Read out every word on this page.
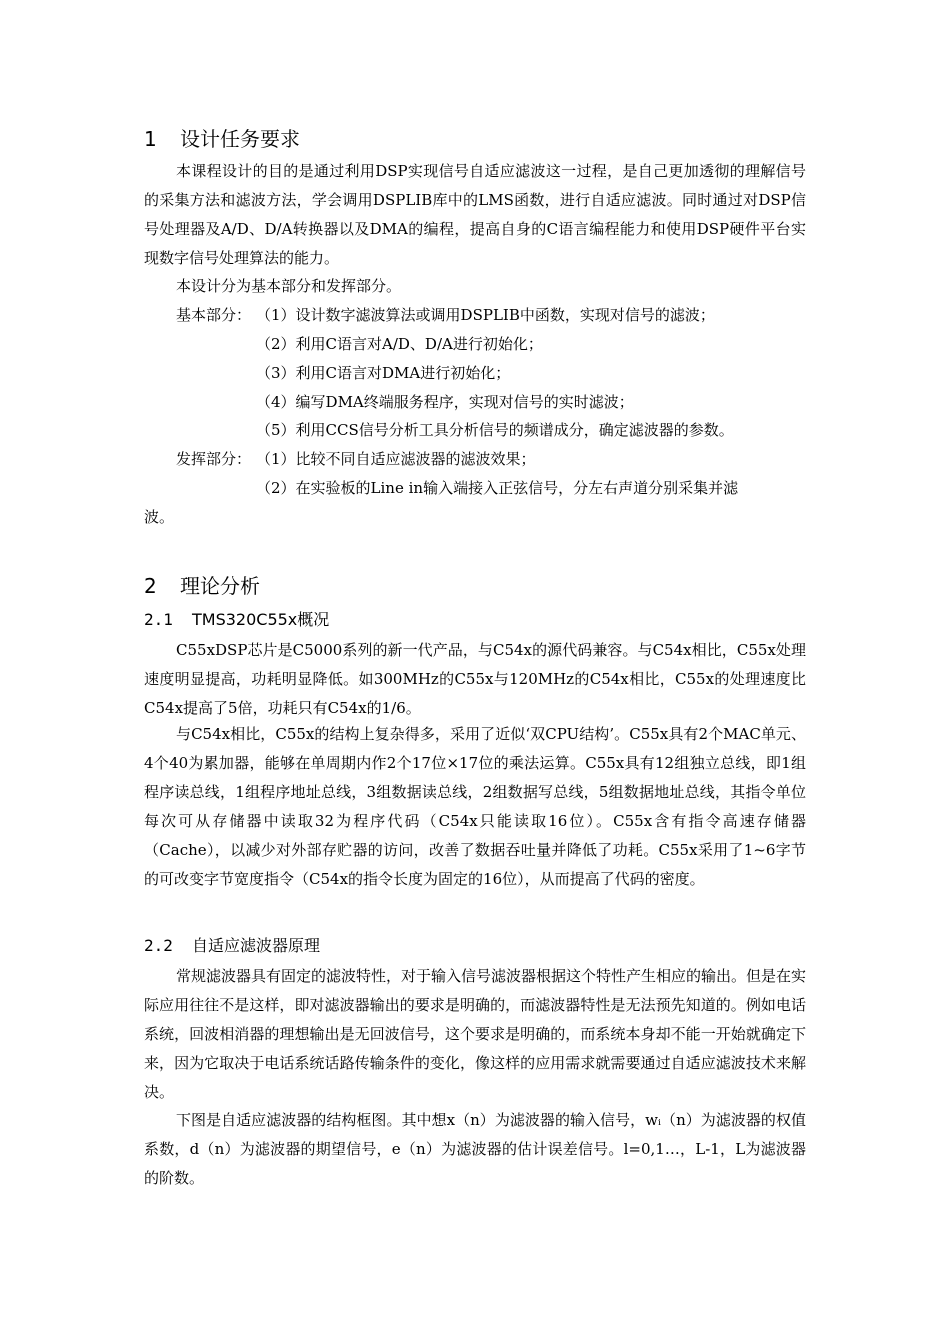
1 设计任务要求

本课程设计的目的是通过利用DSP实现信号自适应滤波这一过程，是自己更加透彻的理解信号的采集方法和滤波方法，学会调用DSPLIB库中的LMS函数，进行自适应滤波。同时通过对DSP信号处理器及A/D、D/A转换器以及DMA的编程，提高自身的C语言编程能力和使用DSP硬件平台实现数字信号处理算法的能力。

本设计分为基本部分和发挥部分。

基本部分： （1）设计数字滤波算法或调用DSPLIB中函数，实现对信号的滤波；

（2）利用C语言对A/D、D/A进行初始化；

（3）利用C语言对DMA进行初始化；

（4）编写DMA终端服务程序，实现对信号的实时滤波；

（5）利用CCS信号分析工具分析信号的频谱成分，确定滤波器的参数。

发挥部分： （1）比较不同自适应滤波器的滤波效果；

（2）在实验板的Line in输入端接入正弦信号，分左右声道分别采集并滤

波。

2 理论分析
2.1 TMS320C55x概况

C55xDSP芯片是C5000系列的新一代产品，与C54x的源代码兼容。与C54x相比，C55x处理速度明显提高，功耗明显降低。如300MHz的C55x与120MHz的C54x相比，C55x的处理速度比C54x提高了5倍，功耗只有C54x的1/6。

与C54x相比，C55x的结构上复杂得多，采用了近似‘双CPU结构’。C55x具有2个MAC单元、4个40为累加器，能够在单周期内作2个17位×17位的乘法运算。C55x具有12组独立总线，即1组程序读总线，1组程序地址总线，3组数据读总线，2组数据写总线，5组数据地址总线，其指令单位每次可从存储器中读取32为程序代码（C54x只能读取16位）。C55x含有指令高速存储器（Cache），以减少对外部存贮器的访问，改善了数据吞吐量并降低了功耗。C55x采用了1~6字节的可改变字节宽度指令（C54x的指令长度为固定的16位），从而提高了代码的密度。

2.2 自适应滤波器原理

常规滤波器具有固定的滤波特性，对于输入信号滤波器根据这个特性产生相应的输出。但是在实际应用往往不是这样，即对滤波器输出的要求是明确的，而滤波器特性是无法预先知道的。例如电话系统，回波相消器的理想输出是无回波信号，这个要求是明确的，而系统本身却不能一开始就确定下来，因为它取决于电话系统话路传输条件的变化，像这样的应用需求就需要通过自适应滤波技术来解决。

下图是自适应滤波器的结构框图。其中想x（n）为滤波器的输入信号，wᵢ（n）为滤波器的权值系数，d（n）为滤波器的期望信号，e（n）为滤波器的估计误差信号。l=0,1…，L-1，L为滤波器的阶数。
